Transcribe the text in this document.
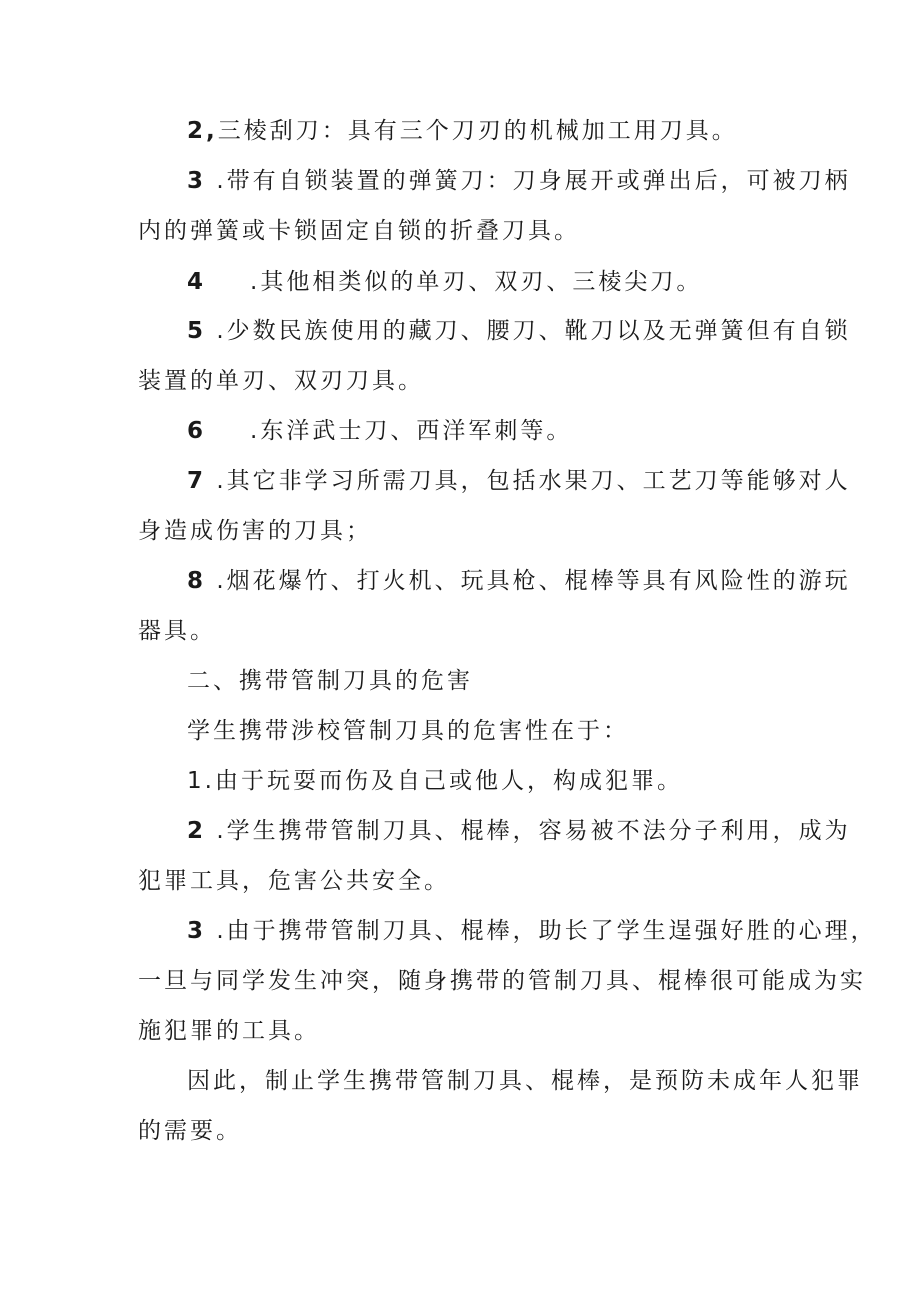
2,三棱刮刀：具有三个刀刃的机械加工用刀具。
3 .带有自锁装置的弹簧刀：刀身展开或弹出后，可被刀柄
内的弹簧或卡锁固定自锁的折叠刀具。
4 .其他相类似的单刃、双刃、三棱尖刀。
5 .少数民族使用的藏刀、腰刀、靴刀以及无弹簧但有自锁
装置的单刃、双刃刀具。
6 .东洋武士刀、西洋军刺等。
7 .其它非学习所需刀具，包括水果刀、工艺刀等能够对人
身造成伤害的刀具；
8 .烟花爆竹、打火机、玩具枪、棍棒等具有风险性的游玩
器具。
二、携带管制刀具的危害
学生携带涉校管制刀具的危害性在于：
1.由于玩耍而伤及自己或他人，构成犯罪。
2 .学生携带管制刀具、棍棒，容易被不法分子利用，成为
犯罪工具，危害公共安全。
3 .由于携带管制刀具、棍棒，助长了学生逞强好胜的心理，
一旦与同学发生冲突，随身携带的管制刀具、棍棒很可能成为实
施犯罪的工具。
因此，制止学生携带管制刀具、棍棒，是预防未成年人犯罪
的需要。
